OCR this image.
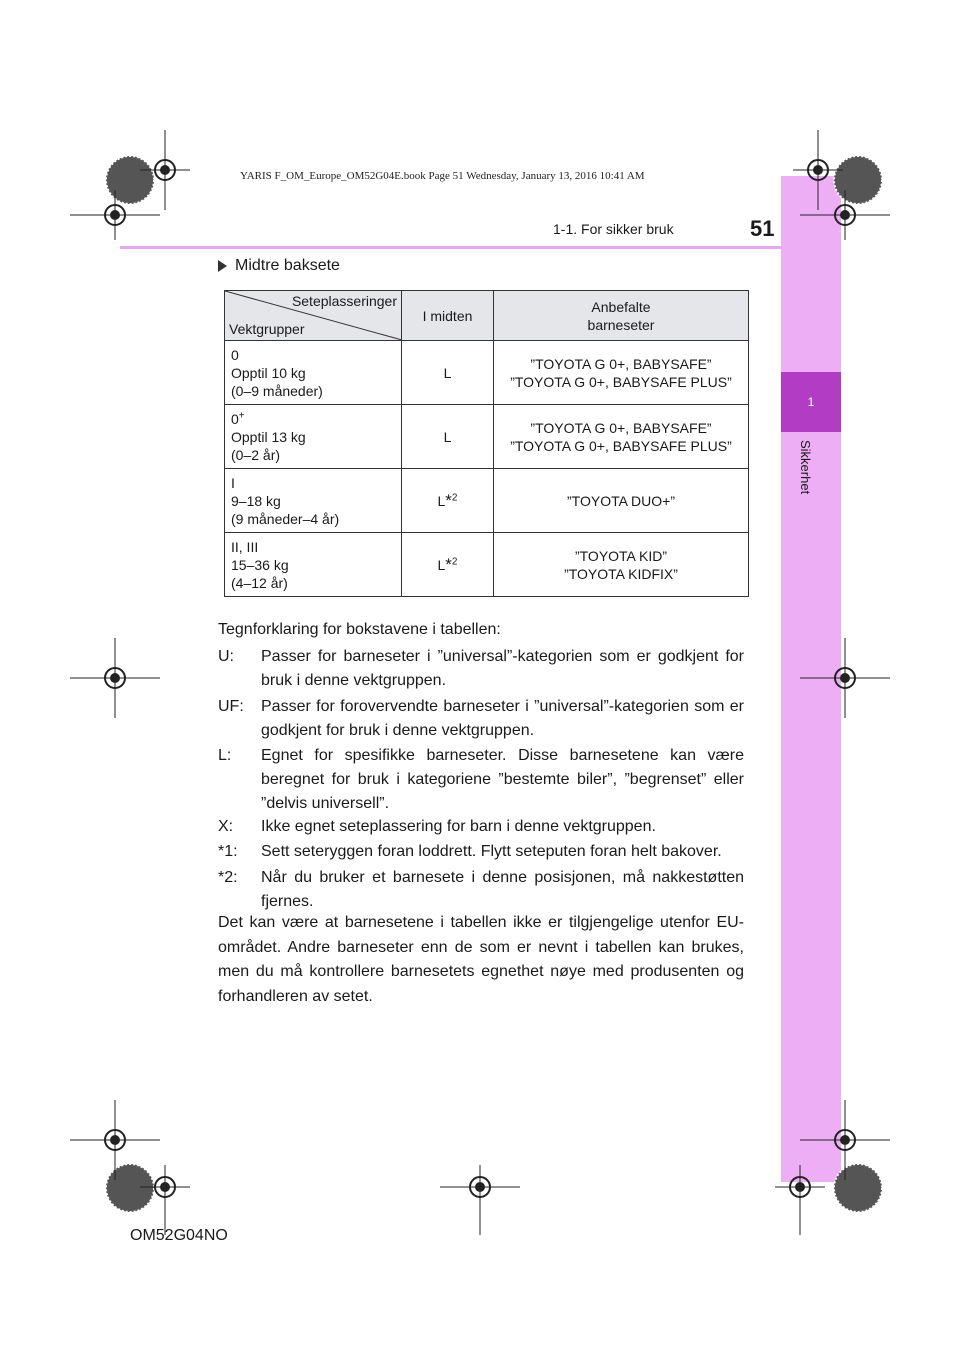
YARIS F_OM_Europe_OM52G04E.book Page 51 Wednesday, January 13, 2016 10:41 AM
1
Sikkerhet
1-1. For sikker bruk	51
Midtre baksete
Seteplasseringer
Vektgrupper	I midten	Anbefalte
barneseter
0
Opptil 10 kg
(0–9 måneder)	L	”TOYOTA G 0+, BABYSAFE”
”TOYOTA G 0+, BABYSAFE PLUS”
0+
Opptil 13 kg
(0–2 år)	L	”TOYOTA G 0+, BABYSAFE”
”TOYOTA G 0+, BABYSAFE PLUS”
I
9–18 kg
(9 måneder–4 år)	L*$^2$	”TOYOTA DUO+”
II, III
15–36 kg
(4–12 år)	L*$^2$	”TOYOTA KID”
”TOYOTA KIDFIX”
Tegnforklaring for bokstavene i tabellen:
U:	Passer for barneseter i ”universal”-kategorien som er godkjent for bruk i denne vektgruppen.
UF:	Passer for forovervendte barneseter i ”universal”-kategorien som er godkjent for bruk i denne vektgruppen.
L:	Egnet for spesifikke barneseter. Disse barnesetene kan være beregnet for bruk i kategoriene ”bestemte biler”, ”begrenset” eller ”delvis universell”.
X:	Ikke egnet seteplassering for barn i denne vektgruppen.
*1:	Sett seteryggen foran loddrett. Flytt seteputen foran helt bakover.
*2:	Når du bruker et barnesete i denne posisjonen, må nakkestøtten fjernes.
Det kan være at barnesetene i tabellen ikke er tilgjengelige utenfor EU-området. Andre barneseter enn de som er nevnt i tabellen kan brukes, men du må kontrollere barnesetets egnethet nøye med produsenten og forhandleren av setet.
OM52G04NO
